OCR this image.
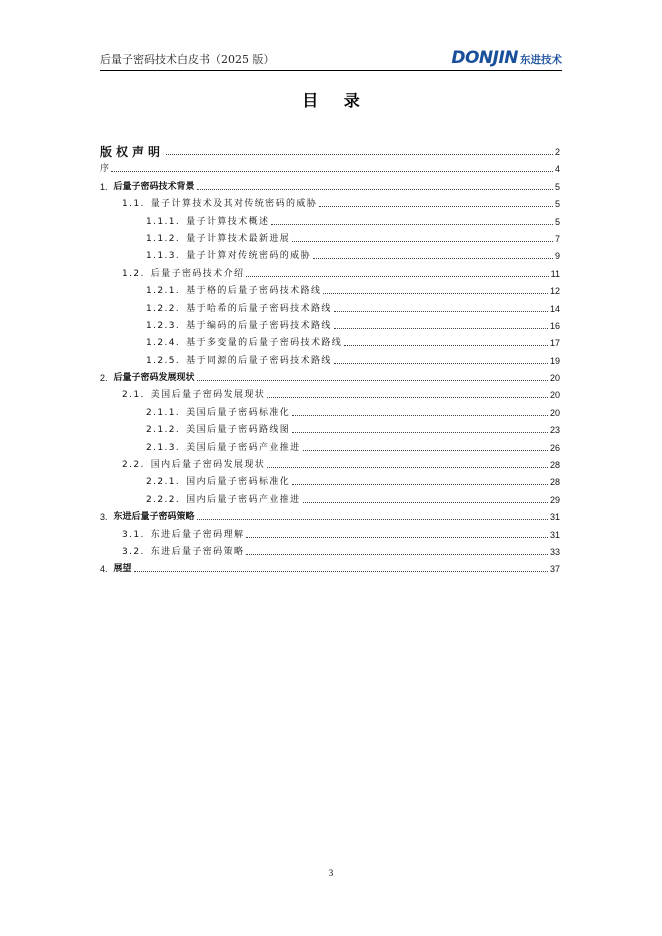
后量子密码技术白皮书（2025 版）	DONJIN 东进技术
目 录
版权声明	2
序	4
1. 后量子密码技术背景	5
1.1. 量子计算技术及其对传统密码的威胁	5
1.1.1. 量子计算技术概述	5
1.1.2. 量子计算技术最新进展	7
1.1.3. 量子计算对传统密码的威胁	9
1.2. 后量子密码技术介绍	11
1.2.1. 基于格的后量子密码技术路线	12
1.2.2. 基于哈希的后量子密码技术路线	14
1.2.3. 基于编码的后量子密码技术路线	16
1.2.4. 基于多变量的后量子密码技术路线	17
1.2.5. 基于同源的后量子密码技术路线	19
2. 后量子密码发展现状	20
2.1. 美国后量子密码发展现状	20
2.1.1. 美国后量子密码标准化	20
2.1.2. 美国后量子密码路线图	23
2.1.3. 美国后量子密码产业推进	26
2.2. 国内后量子密码发展现状	28
2.2.1. 国内后量子密码标准化	28
2.2.2. 国内后量子密码产业推进	29
3. 东进后量子密码策略	31
3.1. 东进后量子密码理解	31
3.2. 东进后量子密码策略	33
4. 展望	37
3
